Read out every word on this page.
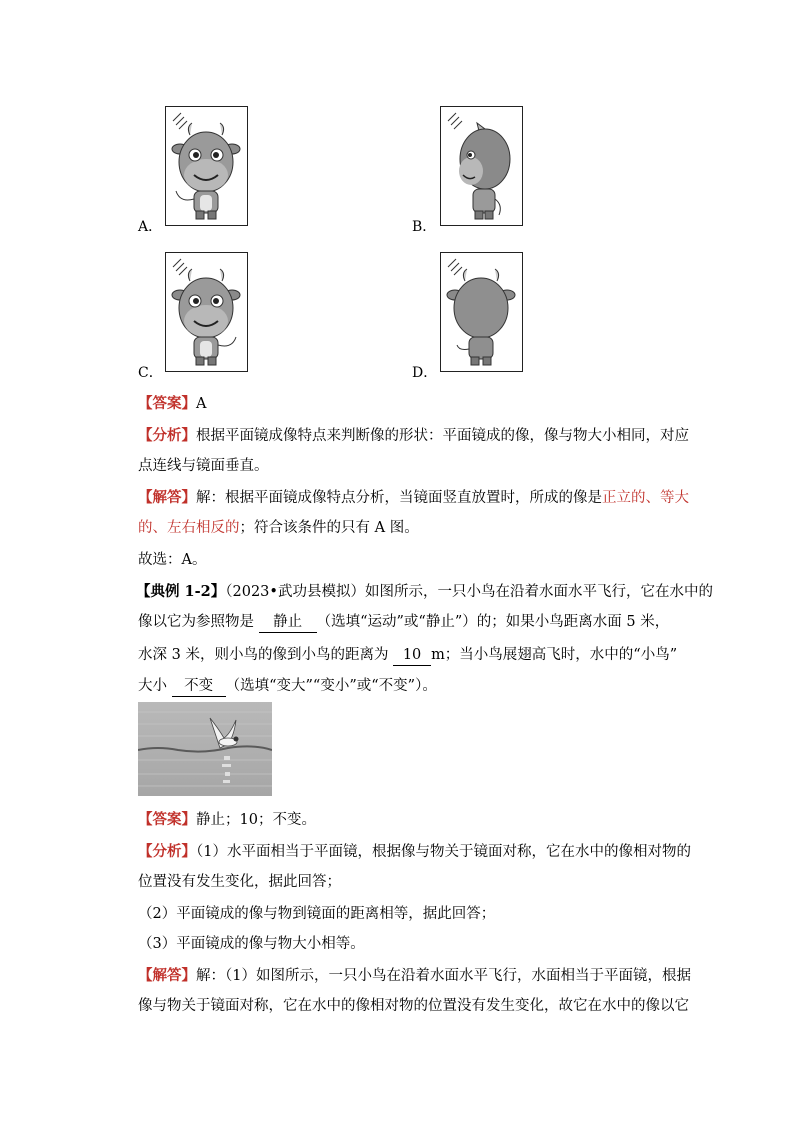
A．	B．
C．	D．
【答案】A
【分析】根据平面镜成像特点来判断像的形状：平面镜成的像，像与物大小相同，对应
点连线与镜面垂直。
【解答】解：根据平面镜成像特点分析，当镜面竖直放置时，所成的像是正立的、等大
的、左右相反的；符合该条件的只有 A 图。
故选：A。
【典例 1-2】（2023•武功县模拟）如图所示，一只小鸟在沿着水面水平飞行，它在水中的
像以它为参照物是 静止 （选填“运动”或“静止”）的；如果小鸟距离水面 5 米，
水深 3 米，则小鸟的像到小鸟的距离为 10 m；当小鸟展翅高飞时，水中的“小鸟”
大小 不变 （选填“变大”“变小”或“不变”）。
【答案】静止；10；不变。
【分析】（1）水平面相当于平面镜，根据像与物关于镜面对称，它在水中的像相对物的
位置没有发生变化，据此回答；
（2）平面镜成的像与物到镜面的距离相等，据此回答；
（3）平面镜成的像与物大小相等。
【解答】解：（1）如图所示，一只小鸟在沿着水面水平飞行，水面相当于平面镜，根据
像与物关于镜面对称，它在水中的像相对物的位置没有发生变化，故它在水中的像以它
